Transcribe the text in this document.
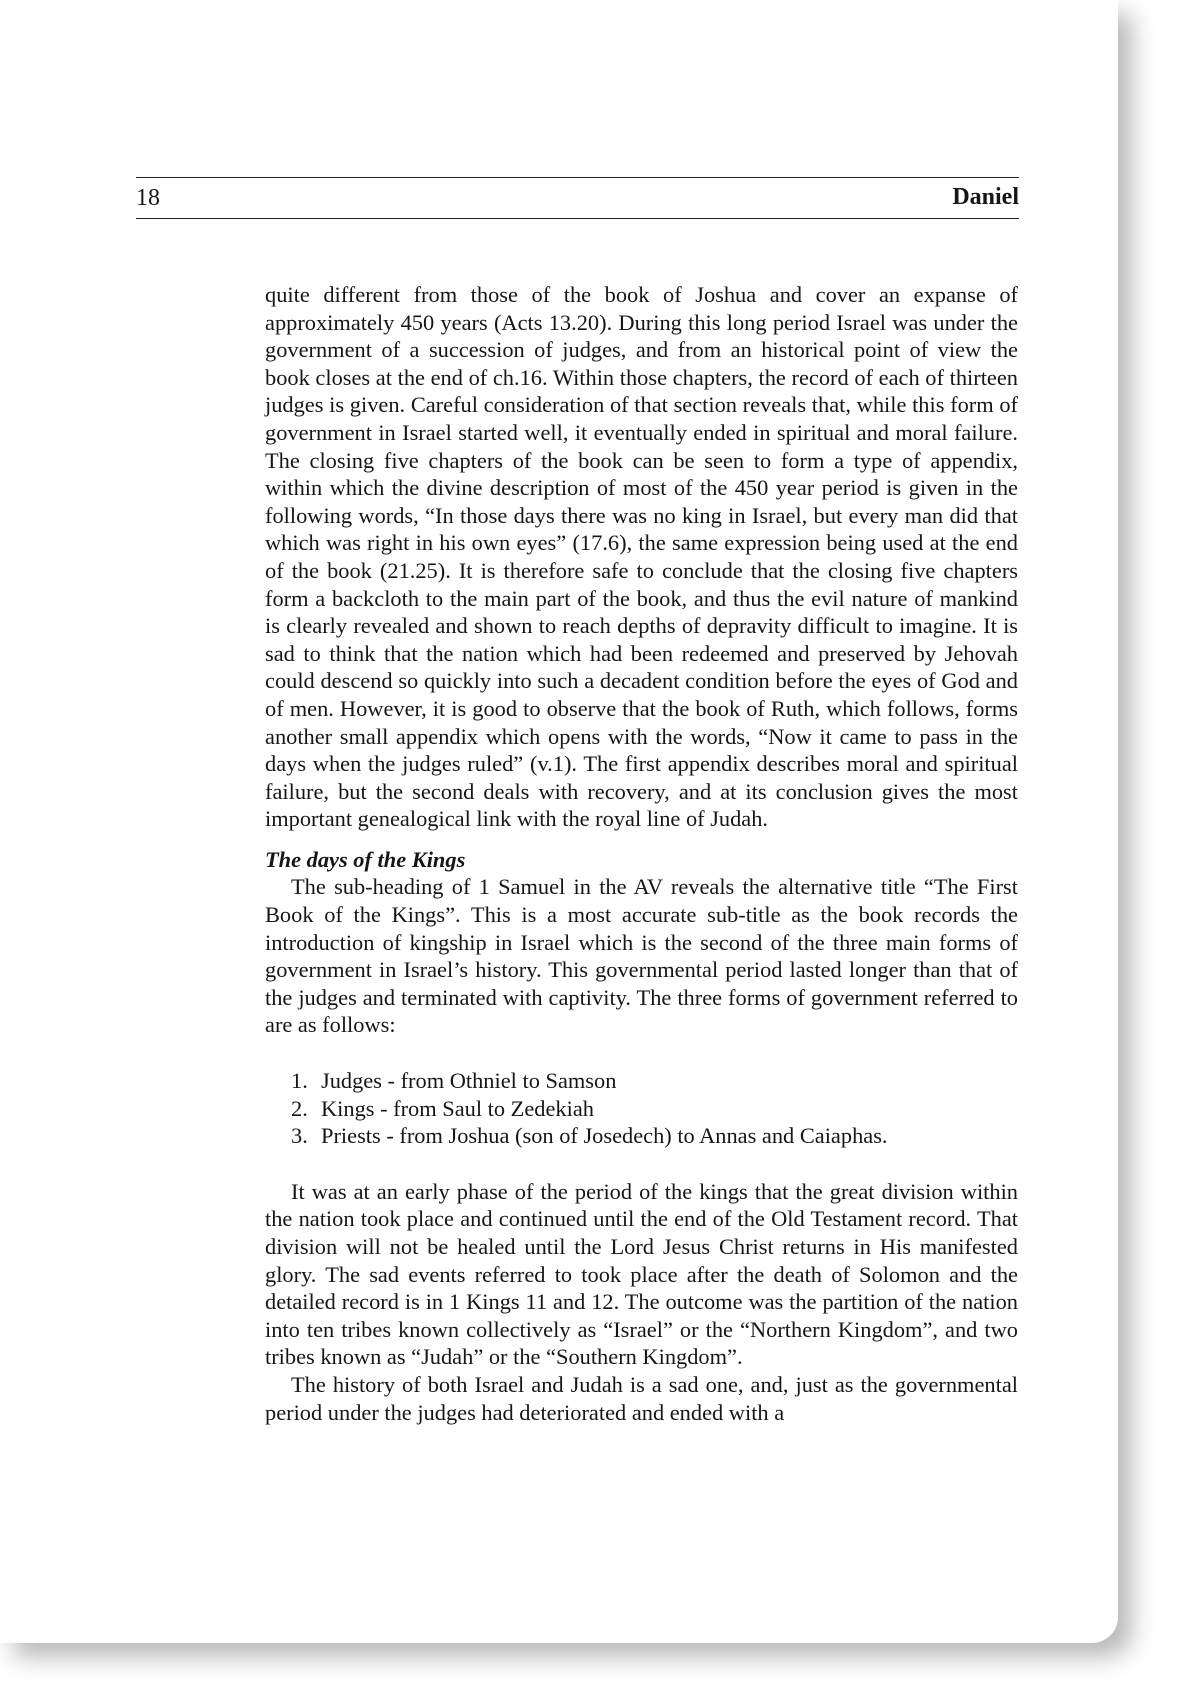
18	Daniel

quite different from those of the book of Joshua and cover an expanse of approximately 450 years (Acts 13.20). During this long period Israel was under the government of a succession of judges, and from an historical point of view the book closes at the end of ch.16. Within those chapters, the record of each of thirteen judges is given. Careful consideration of that section reveals that, while this form of government in Israel started well, it eventually ended in spiritual and moral failure. The closing five chapters of the book can be seen to form a type of appendix, within which the divine description of most of the 450 year period is given in the following words, “In those days there was no king in Israel, but every man did that which was right in his own eyes” (17.6), the same expression being used at the end of the book (21.25). It is therefore safe to conclude that the closing five chapters form a backcloth to the main part of the book, and thus the evil nature of mankind is clearly revealed and shown to reach depths of depravity difficult to imagine. It is sad to think that the nation which had been redeemed and preserved by Jehovah could descend so quickly into such a decadent condition before the eyes of God and of men. However, it is good to observe that the book of Ruth, which follows, forms another small appendix which opens with the words, “Now it came to pass in the days when the judges ruled” (v.1). The first appendix describes moral and spiritual failure, but the second deals with recovery, and at its conclusion gives the most important genealogical link with the royal line of Judah.

The days of the Kings

The sub-heading of 1 Samuel in the AV reveals the alternative title “The First Book of the Kings”. This is a most accurate sub-title as the book records the introduction of kingship in Israel which is the second of the three main forms of government in Israel’s history. This governmental period lasted longer than that of the judges and terminated with captivity. The three forms of government referred to are as follows:

1. Judges - from Othniel to Samson
2. Kings - from Saul to Zedekiah
3. Priests - from Joshua (son of Josedech) to Annas and Caiaphas.

It was at an early phase of the period of the kings that the great division within the nation took place and continued until the end of the Old Testament record. That division will not be healed until the Lord Jesus Christ returns in His manifested glory. The sad events referred to took place after the death of Solomon and the detailed record is in 1 Kings 11 and 12. The outcome was the partition of the nation into ten tribes known collectively as “Israel” or the “Northern Kingdom”, and two tribes known as “Judah” or the “Southern Kingdom”.

The history of both Israel and Judah is a sad one, and, just as the governmental period under the judges had deteriorated and ended with a
